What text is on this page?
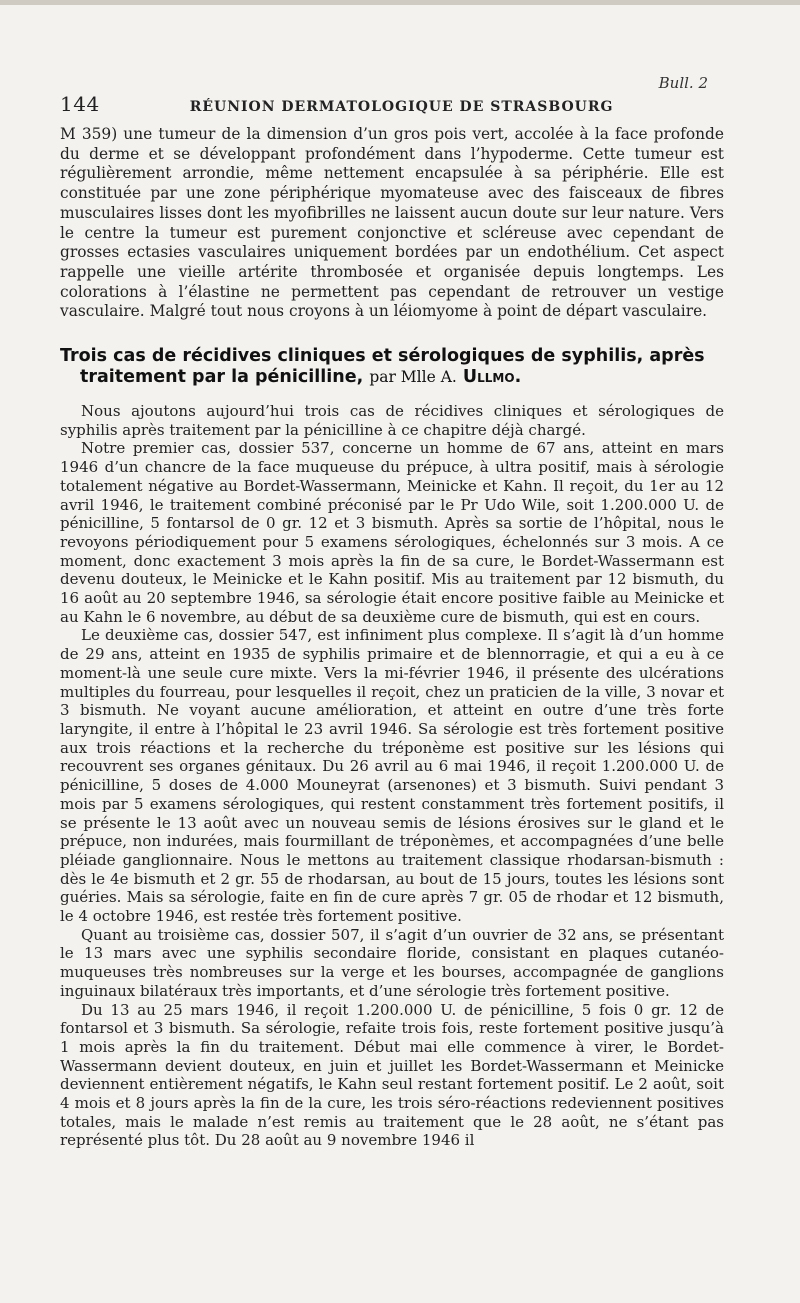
Bull. 2
144	RÉUNION DERMATOLOGIQUE DE STRASBOURG

M 359) une tumeur de la dimension d’un gros pois vert, accolée à la face profonde du derme et se développant profondément dans l’hypoderme. Cette tumeur est régulièrement arrondie, même nettement encapsulée à sa périphérie. Elle est constituée par une zone périphérique myomateuse avec des faisceaux de fibres musculaires lisses dont les myofibrilles ne laissent aucun doute sur leur nature. Vers le centre la tumeur est purement conjonctive et scléreuse avec cependant de grosses ectasies vasculaires uniquement bordées par un endothélium. Cet aspect rappelle une vieille artérite thrombosée et organisée depuis longtemps. Les colorations à l’élastine ne permettent pas cependant de retrouver un vestige vasculaire. Malgré tout nous croyons à un léiomyome à point de départ vasculaire.

Trois cas de récidives cliniques et sérologiques de syphilis, après
traitement par la pénicilline, par Mlle A. Ullmo.

Nous ajoutons aujourd’hui trois cas de récidives cliniques et sérologiques de syphilis après traitement par la pénicilline à ce chapitre déjà chargé.

Notre premier cas, dossier 537, concerne un homme de 67 ans, atteint en mars 1946 d’un chancre de la face muqueuse du prépuce, à ultra positif, mais à sérologie totalement négative au Bordet-Wassermann, Meinicke et Kahn. Il reçoit, du 1er au 12 avril 1946, le traitement combiné préconisé par le Pr Udo Wile, soit 1.200.000 U. de pénicilline, 5 fontarsol de 0 gr. 12 et 3 bismuth. Après sa sortie de l’hôpital, nous le revoyons périodiquement pour 5 examens sérologiques, échelonnés sur 3 mois. A ce moment, donc exactement 3 mois après la fin de sa cure, le Bordet-Wassermann est devenu douteux, le Meinicke et le Kahn positif. Mis au traitement par 12 bismuth, du 16 août au 20 septembre 1946, sa sérologie était encore positive faible au Meinicke et au Kahn le 6 novembre, au début de sa deuxième cure de bismuth, qui est en cours.

Le deuxième cas, dossier 547, est infiniment plus complexe. Il s’agit là d’un homme de 29 ans, atteint en 1935 de syphilis primaire et de blennorragie, et qui a eu à ce moment-là une seule cure mixte. Vers la mi-février 1946, il présente des ulcérations multiples du fourreau, pour lesquelles il reçoit, chez un praticien de la ville, 3 novar et 3 bismuth. Ne voyant aucune amélioration, et atteint en outre d’une très forte laryngite, il entre à l’hôpital le 23 avril 1946. Sa sérologie est très fortement positive aux trois réactions et la recherche du tréponème est positive sur les lésions qui recouvrent ses organes génitaux. Du 26 avril au 6 mai 1946, il reçoit 1.200.000 U. de pénicilline, 5 doses de 4.000 Mouneyrat (arsenones) et 3 bismuth. Suivi pendant 3 mois par 5 examens sérologiques, qui restent constamment très fortement positifs, il se présente le 13 août avec un nouveau semis de lésions érosives sur le gland et le prépuce, non indurées, mais fourmillant de tréponèmes, et accompagnées d’une belle pléiade ganglionnaire. Nous le mettons au traitement classique rhodarsan-bismuth : dès le 4e bismuth et 2 gr. 55 de rhodarsan, au bout de 15 jours, toutes les lésions sont guéries. Mais sa sérologie, faite en fin de cure après 7 gr. 05 de rhodar et 12 bismuth, le 4 octobre 1946, est restée très fortement positive.

Quant au troisième cas, dossier 507, il s’agit d’un ouvrier de 32 ans, se présentant le 13 mars avec une syphilis secondaire floride, consistant en plaques cutanéo-muqueuses très nombreuses sur la verge et les bourses, accompagnée de ganglions inguinaux bilatéraux très importants, et d’une sérologie très fortement positive.

Du 13 au 25 mars 1946, il reçoit 1.200.000 U. de pénicilline, 5 fois 0 gr. 12 de fontarsol et 3 bismuth. Sa sérologie, refaite trois fois, reste fortement positive jusqu’à 1 mois après la fin du traitement. Début mai elle commence à virer, le Bordet-Wassermann devient douteux, en juin et juillet les Bordet-Wassermann et Meinicke deviennent entièrement négatifs, le Kahn seul restant fortement positif. Le 2 août, soit 4 mois et 8 jours après la fin de la cure, les trois séro-réactions redeviennent positives totales, mais le malade n’est remis au traitement que le 28 août, ne s’étant pas représenté plus tôt. Du 28 août au 9 novembre 1946 il
